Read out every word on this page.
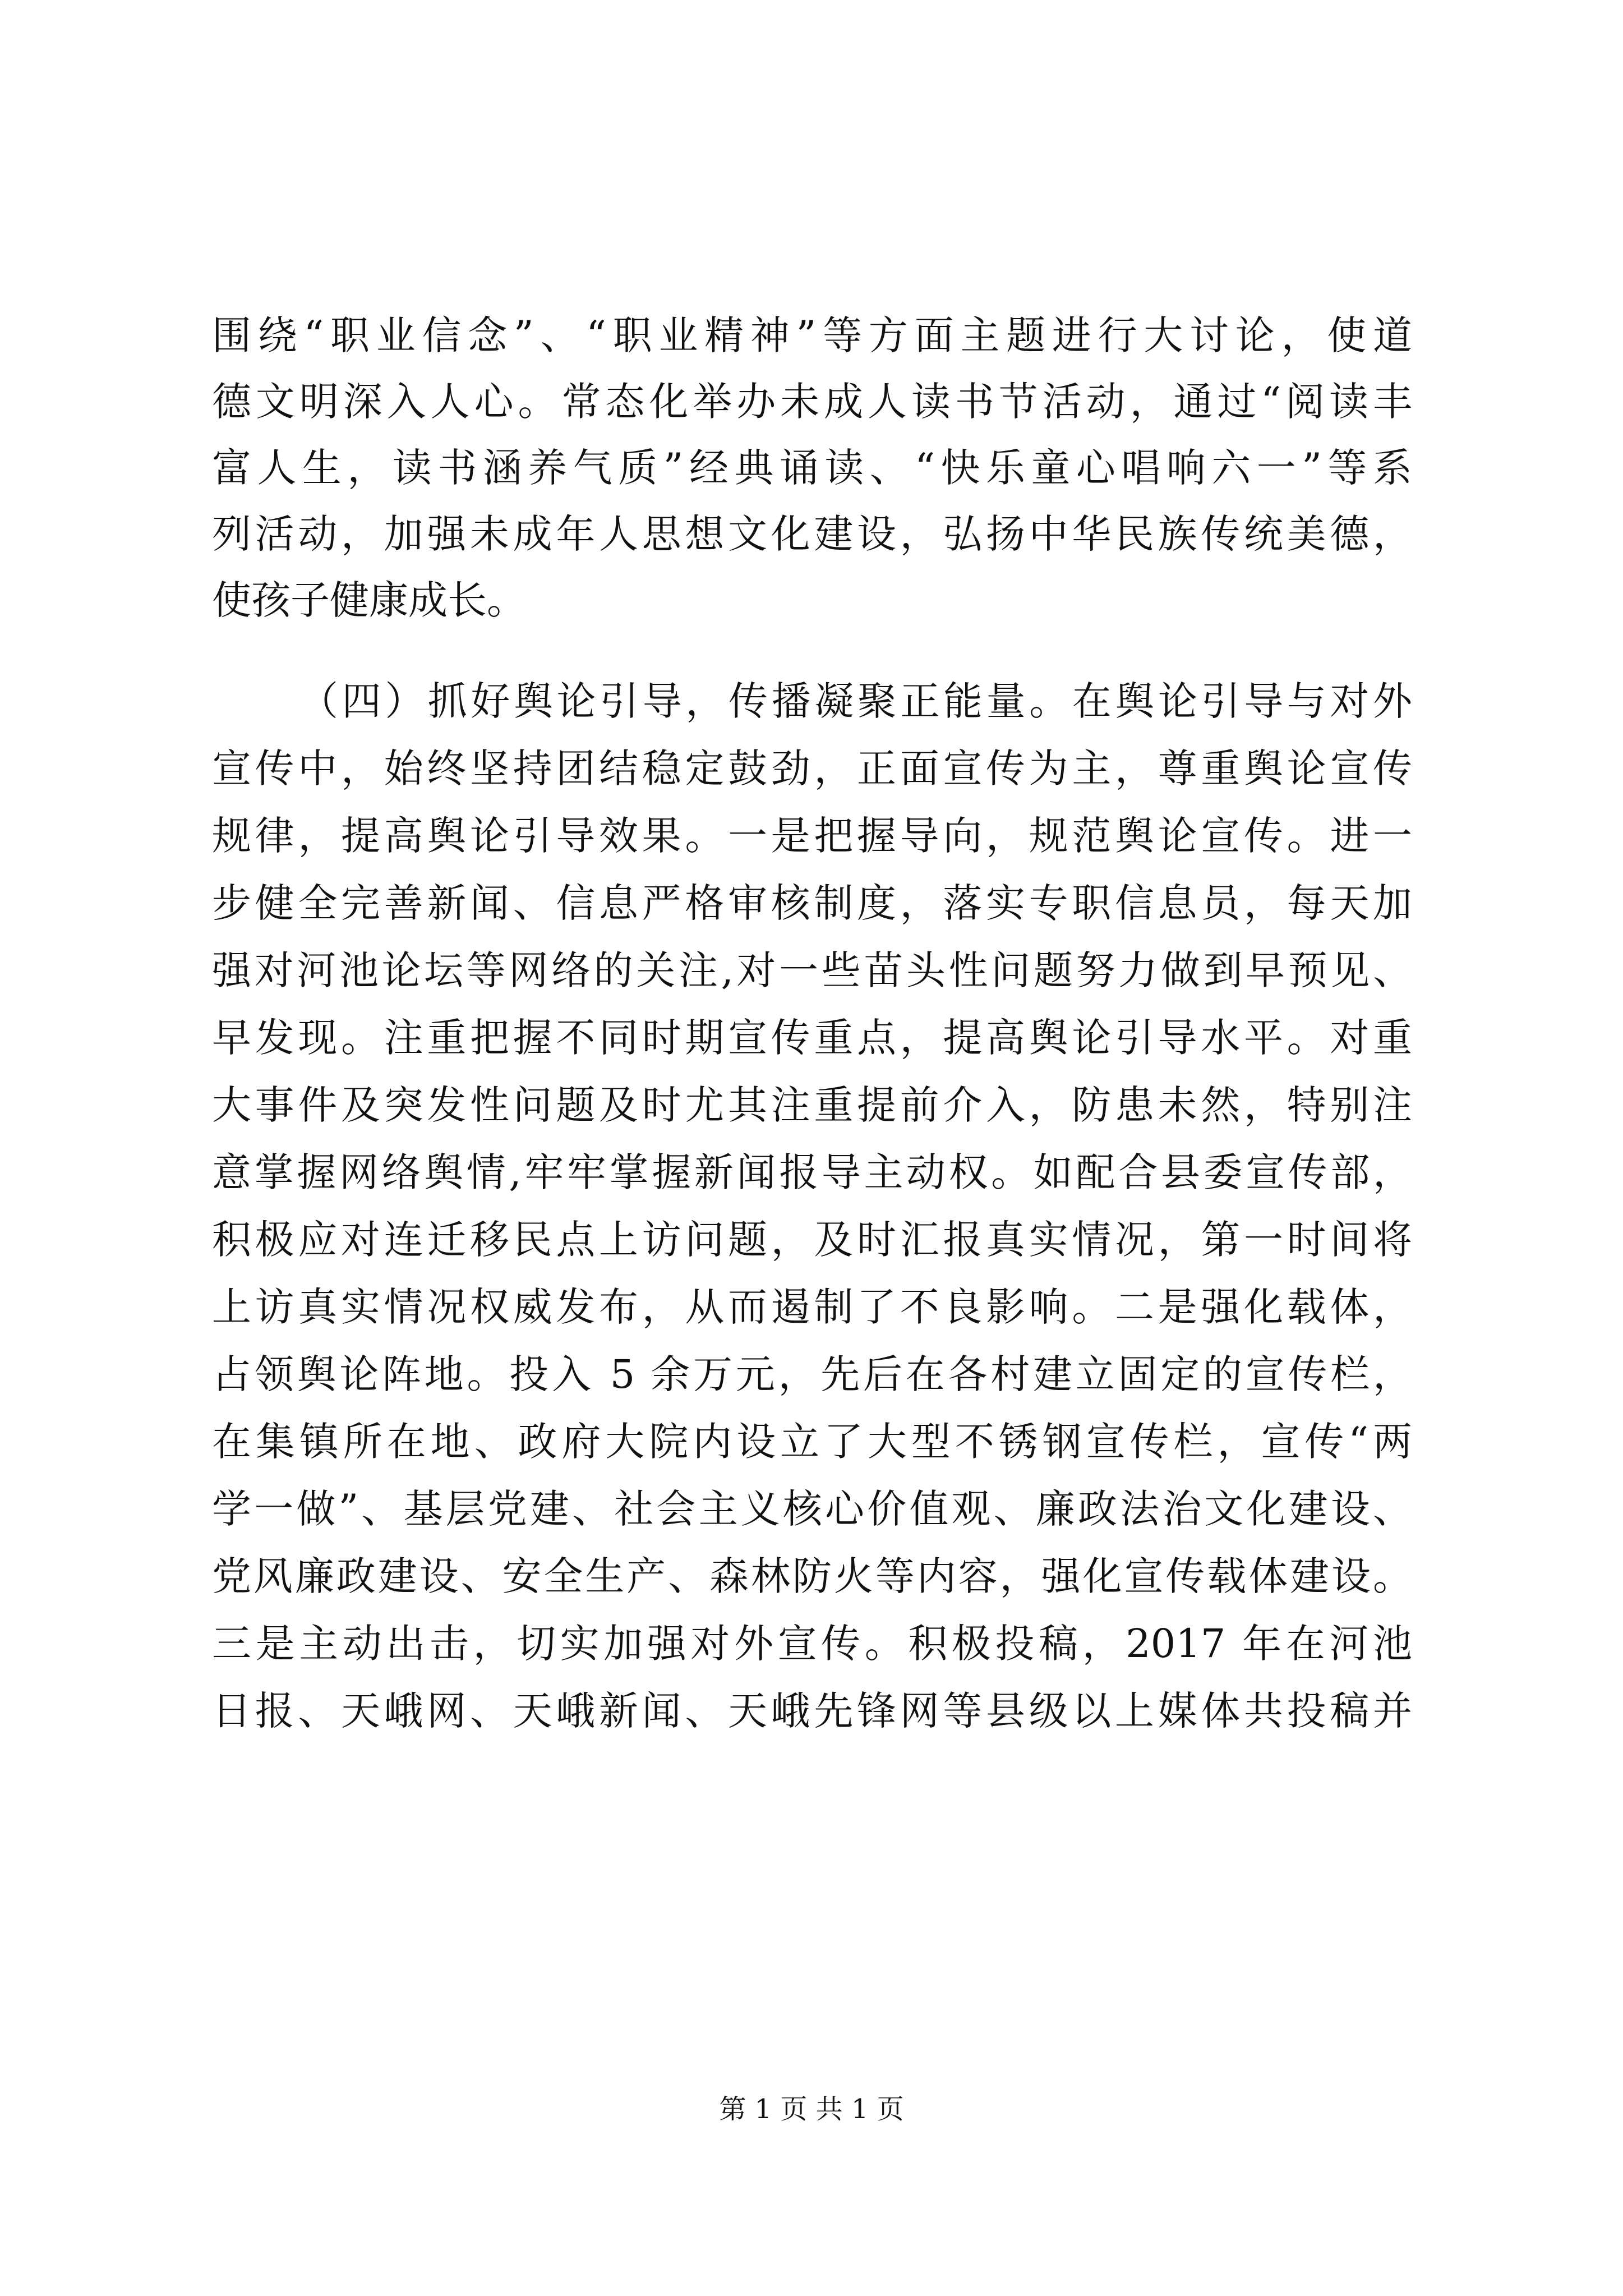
围绕“职业信念”、“职业精神”等方面主题进行大讨论，使道
德文明深入人心。常态化举办未成人读书节活动，通过“阅读丰
富人生，读书涵养气质”经典诵读、“快乐童心唱响六一”等系
列活动，加强未成年人思想文化建设，弘扬中华民族传统美德，
使孩子健康成长。
（四）抓好舆论引导，传播凝聚正能量。在舆论引导与对外
宣传中，始终坚持团结稳定鼓劲，正面宣传为主，尊重舆论宣传
规律，提高舆论引导效果。一是把握导向，规范舆论宣传。进一
步健全完善新闻、信息严格审核制度，落实专职信息员，每天加
强对河池论坛等网络的关注,对一些苗头性问题努力做到早预见、
早发现。注重把握不同时期宣传重点，提高舆论引导水平。对重
大事件及突发性问题及时尤其注重提前介入，防患未然，特别注
意掌握网络舆情,牢牢掌握新闻报导主动权。如配合县委宣传部，
积极应对连迁移民点上访问题，及时汇报真实情况，第一时间将
上访真实情况权威发布，从而遏制了不良影响。二是强化载体，
占领舆论阵地。投入 5 余万元，先后在各村建立固定的宣传栏，
在集镇所在地、政府大院内设立了大型不锈钢宣传栏，宣传“两
学一做”、基层党建、社会主义核心价值观、廉政法治文化建设、
党风廉政建设、安全生产、森林防火等内容，强化宣传载体建设。
三是主动出击，切实加强对外宣传。积极投稿，2017 年在河池
日报、天峨网、天峨新闻、天峨先锋网等县级以上媒体共投稿并
第 1 页 共 1 页
